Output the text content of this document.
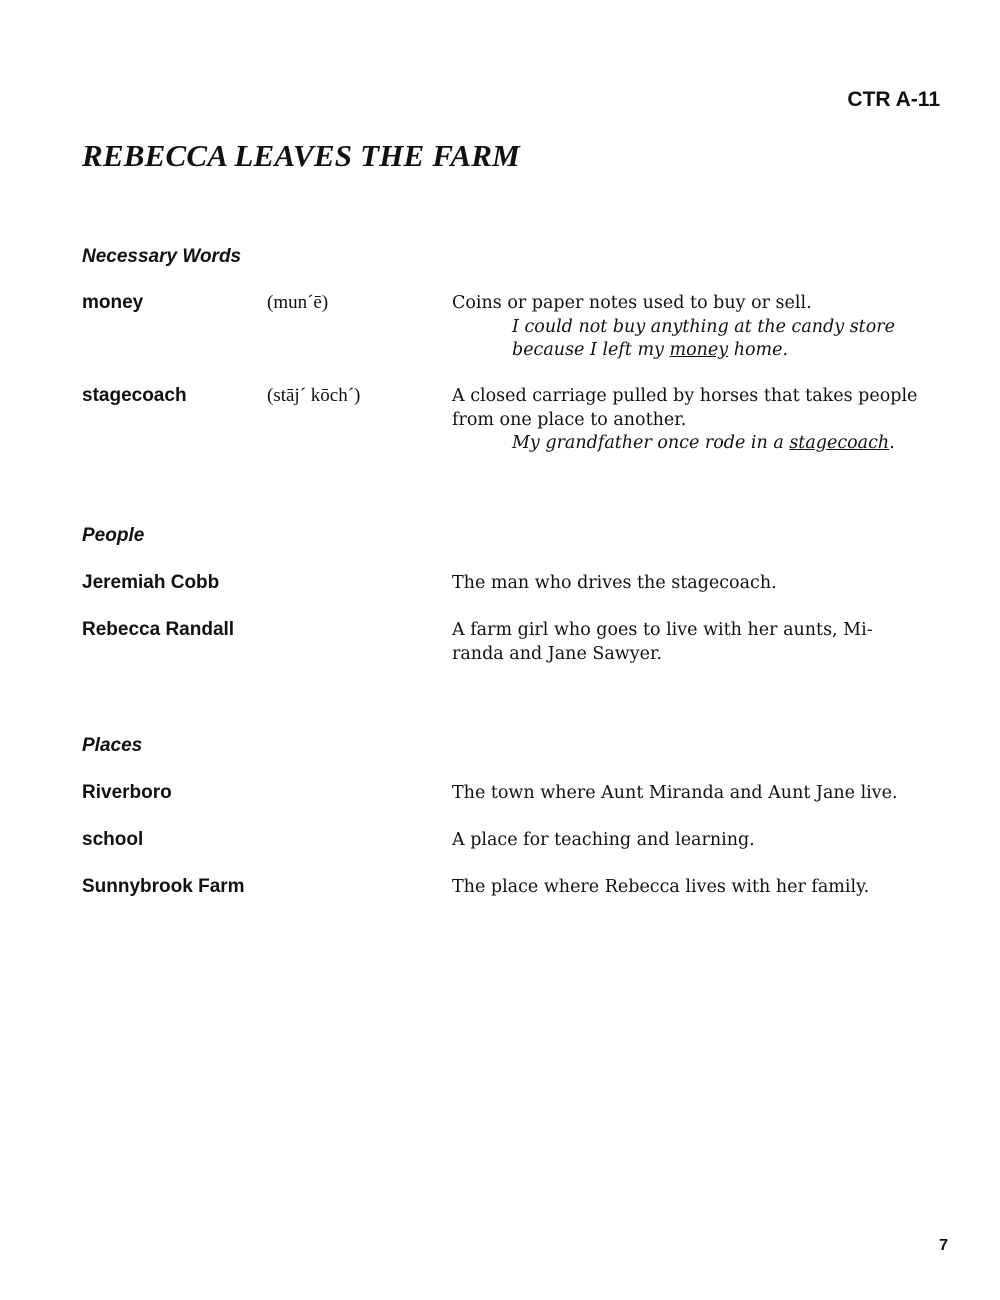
CTR A-11
REBECCA LEAVES THE FARM
Necessary Words
money	(mun´ē)	Coins or paper notes used to buy or sell.
I could not buy anything at the candy store because I left my money home.
stagecoach	(stāj´ kōch´)	A closed carriage pulled by horses that takes people from one place to another.
My grandfather once rode in a stagecoach.
People
Jeremiah Cobb	The man who drives the stagecoach.
Rebecca Randall	A farm girl who goes to live with her aunts, Mi-randa and Jane Sawyer.
Places
Riverboro	The town where Aunt Miranda and Aunt Jane live.
school	A place for teaching and learning.
Sunnybrook Farm	The place where Rebecca lives with her family.
7
